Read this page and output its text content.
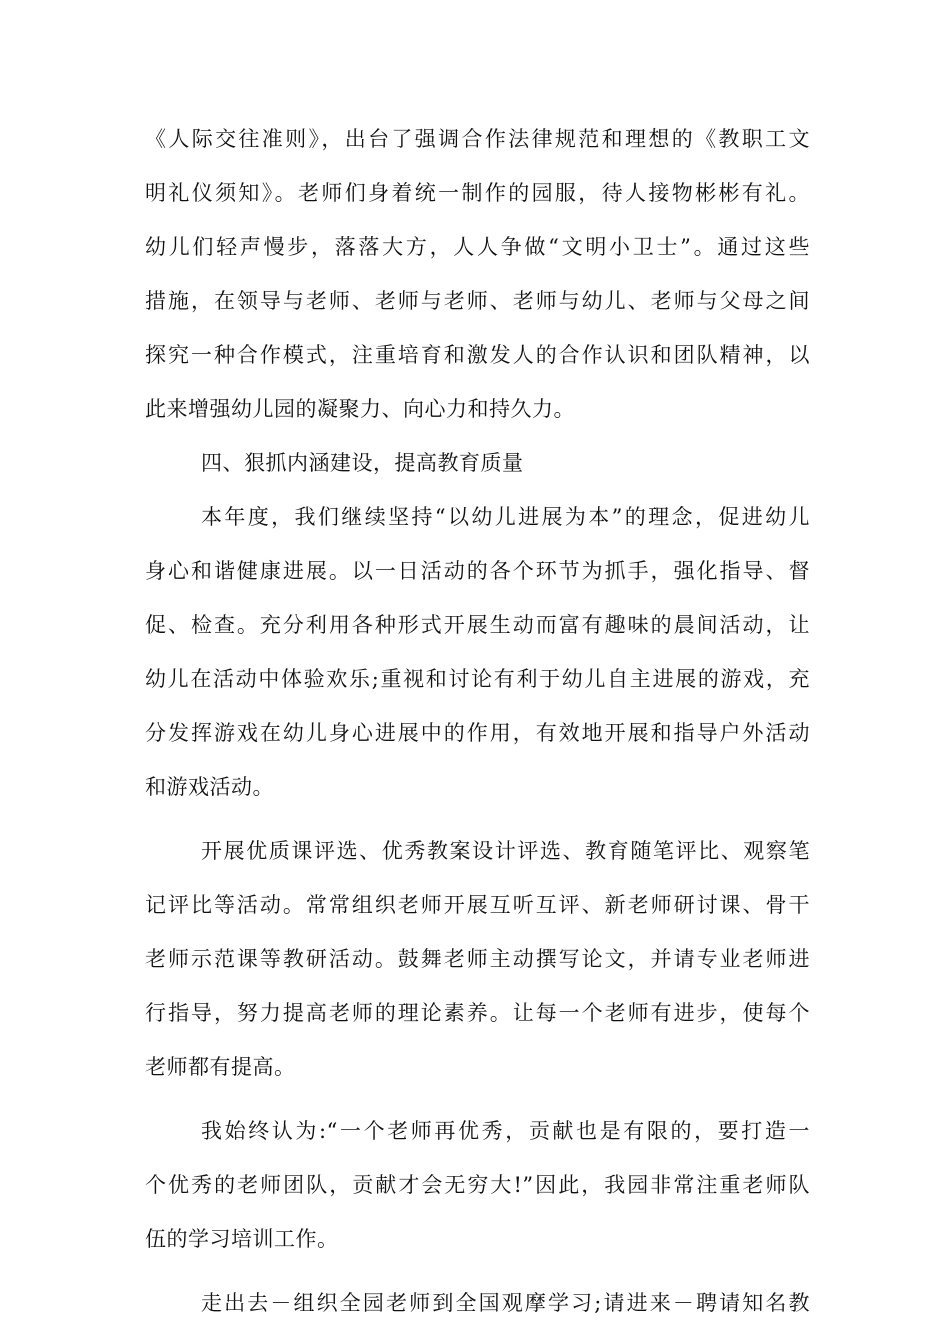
《人际交往准则》，出台了强调合作法律规范和理想的《教职工文
明礼仪须知》。老师们身着统一制作的园服，待人接物彬彬有礼。
幼儿们轻声慢步，落落大方，人人争做“文明小卫士”。通过这些
措施，在领导与老师、老师与老师、老师与幼儿、老师与父母之间
探究一种合作模式，注重培育和激发人的合作认识和团队精神，以
此来增强幼儿园的凝聚力、向心力和持久力。
四、狠抓内涵建设，提高教育质量
本年度，我们继续坚持“以幼儿进展为本”的理念，促进幼儿
身心和谐健康进展。以一日活动的各个环节为抓手，强化指导、督
促、检查。充分利用各种形式开展生动而富有趣味的晨间活动，让
幼儿在活动中体验欢乐;重视和讨论有利于幼儿自主进展的游戏，充
分发挥游戏在幼儿身心进展中的作用，有效地开展和指导户外活动
和游戏活动。
开展优质课评选、优秀教案设计评选、教育随笔评比、观察笔
记评比等活动。常常组织老师开展互听互评、新老师研讨课、骨干
老师示范课等教研活动。鼓舞老师主动撰写论文，并请专业老师进
行指导，努力提高老师的理论素养。让每一个老师有进步，使每个
老师都有提高。
我始终认为:“一个老师再优秀，贡献也是有限的，要打造一
个优秀的老师团队，贡献才会无穷大!”因此，我园非常注重老师队
伍的学习培训工作。
走出去－组织全园老师到全国观摩学习;请进来－聘请知名教
